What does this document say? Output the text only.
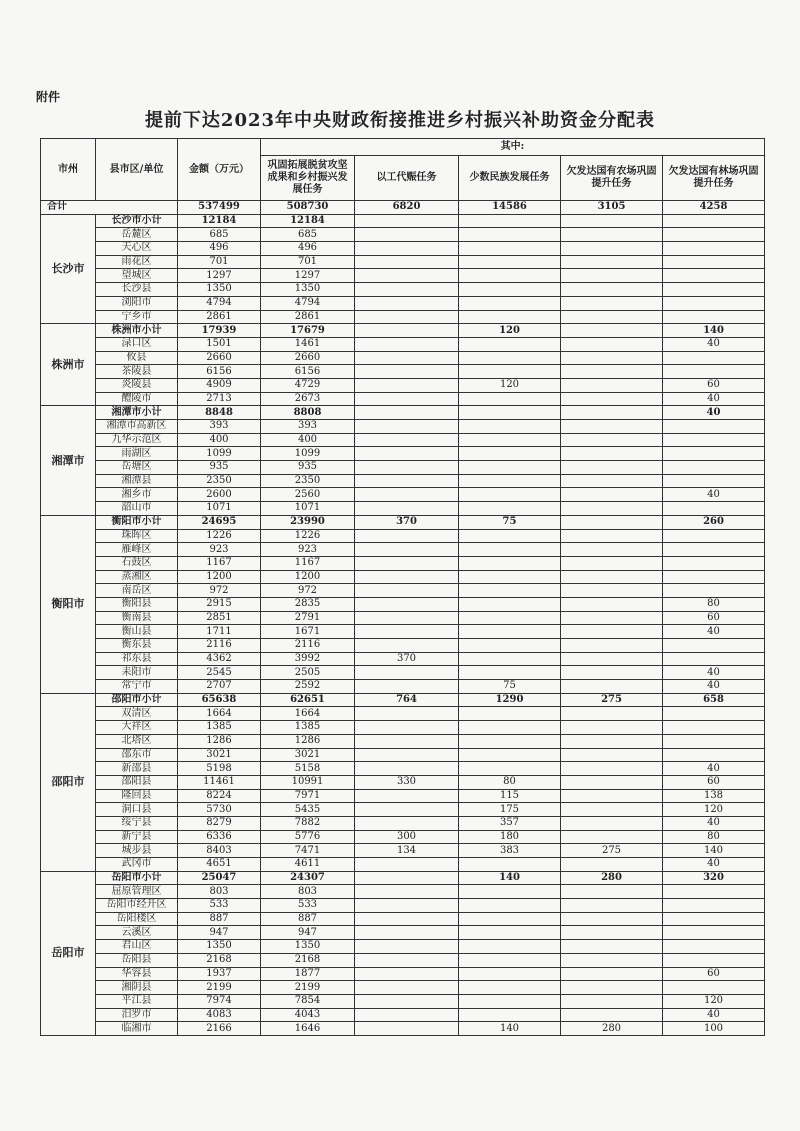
附件
提前下达2023年中央财政衔接推进乡村振兴补助资金分配表
市州	县市区/单位	金额（万元）	其中:				
			巩固拓展脱贫攻坚成果和乡村振兴发展任务	以工代赈任务	少数民族发展任务	欠发达国有农场巩固提升任务	欠发达国有林场巩固提升任务
合计		537499	508730	6820	14586	3105	4258
长沙市	长沙市小计	12184	12184				
	岳麓区	685	685				
	天心区	496	496				
	雨花区	701	701				
	望城区	1297	1297				
	长沙县	1350	1350				
	浏阳市	4794	4794				
	宁乡市	2861	2861				
株洲市	株洲市小计	17939	17679		120		140
	渌口区	1501	1461				40
	攸县	2660	2660				
	茶陵县	6156	6156				
	炎陵县	4909	4729		120		60
	醴陵市	2713	2673				40
湘潭市	湘潭市小计	8848	8808				40
	湘潭市高新区	393	393				
	九华示范区	400	400				
	雨湖区	1099	1099				
	岳塘区	935	935				
	湘潭县	2350	2350				
	湘乡市	2600	2560				40
	韶山市	1071	1071				
衡阳市	衡阳市小计	24695	23990	370	75		260
	珠晖区	1226	1226				
	雁峰区	923	923				
	石鼓区	1167	1167				
	蒸湘区	1200	1200				
	南岳区	972	972				
	衡阳县	2915	2835				80
	衡南县	2851	2791				60
	衡山县	1711	1671				40
	衡东县	2116	2116				
	祁东县	4362	3992	370			
	耒阳市	2545	2505				40
	常宁市	2707	2592		75		40
邵阳市	邵阳市小计	65638	62651	764	1290	275	658
	双清区	1664	1664				
	大祥区	1385	1385				
	北塔区	1286	1286				
	邵东市	3021	3021				
	新邵县	5198	5158				40
	邵阳县	11461	10991	330	80		60
	隆回县	8224	7971		115		138
	洞口县	5730	5435		175		120
	绥宁县	8279	7882		357		40
	新宁县	6336	5776	300	180		80
	城步县	8403	7471	134	383	275	140
	武冈市	4651	4611				40
岳阳市	岳阳市小计	25047	24307		140	280	320
	屈原管理区	803	803				
	岳阳市经开区	533	533				
	岳阳楼区	887	887				
	云溪区	947	947				
	君山区	1350	1350				
	岳阳县	2168	2168				
	华容县	1937	1877				60
	湘阴县	2199	2199				
	平江县	7974	7854				120
	汨罗市	4083	4043				40
	临湘市	2166	1646		140	280	100
